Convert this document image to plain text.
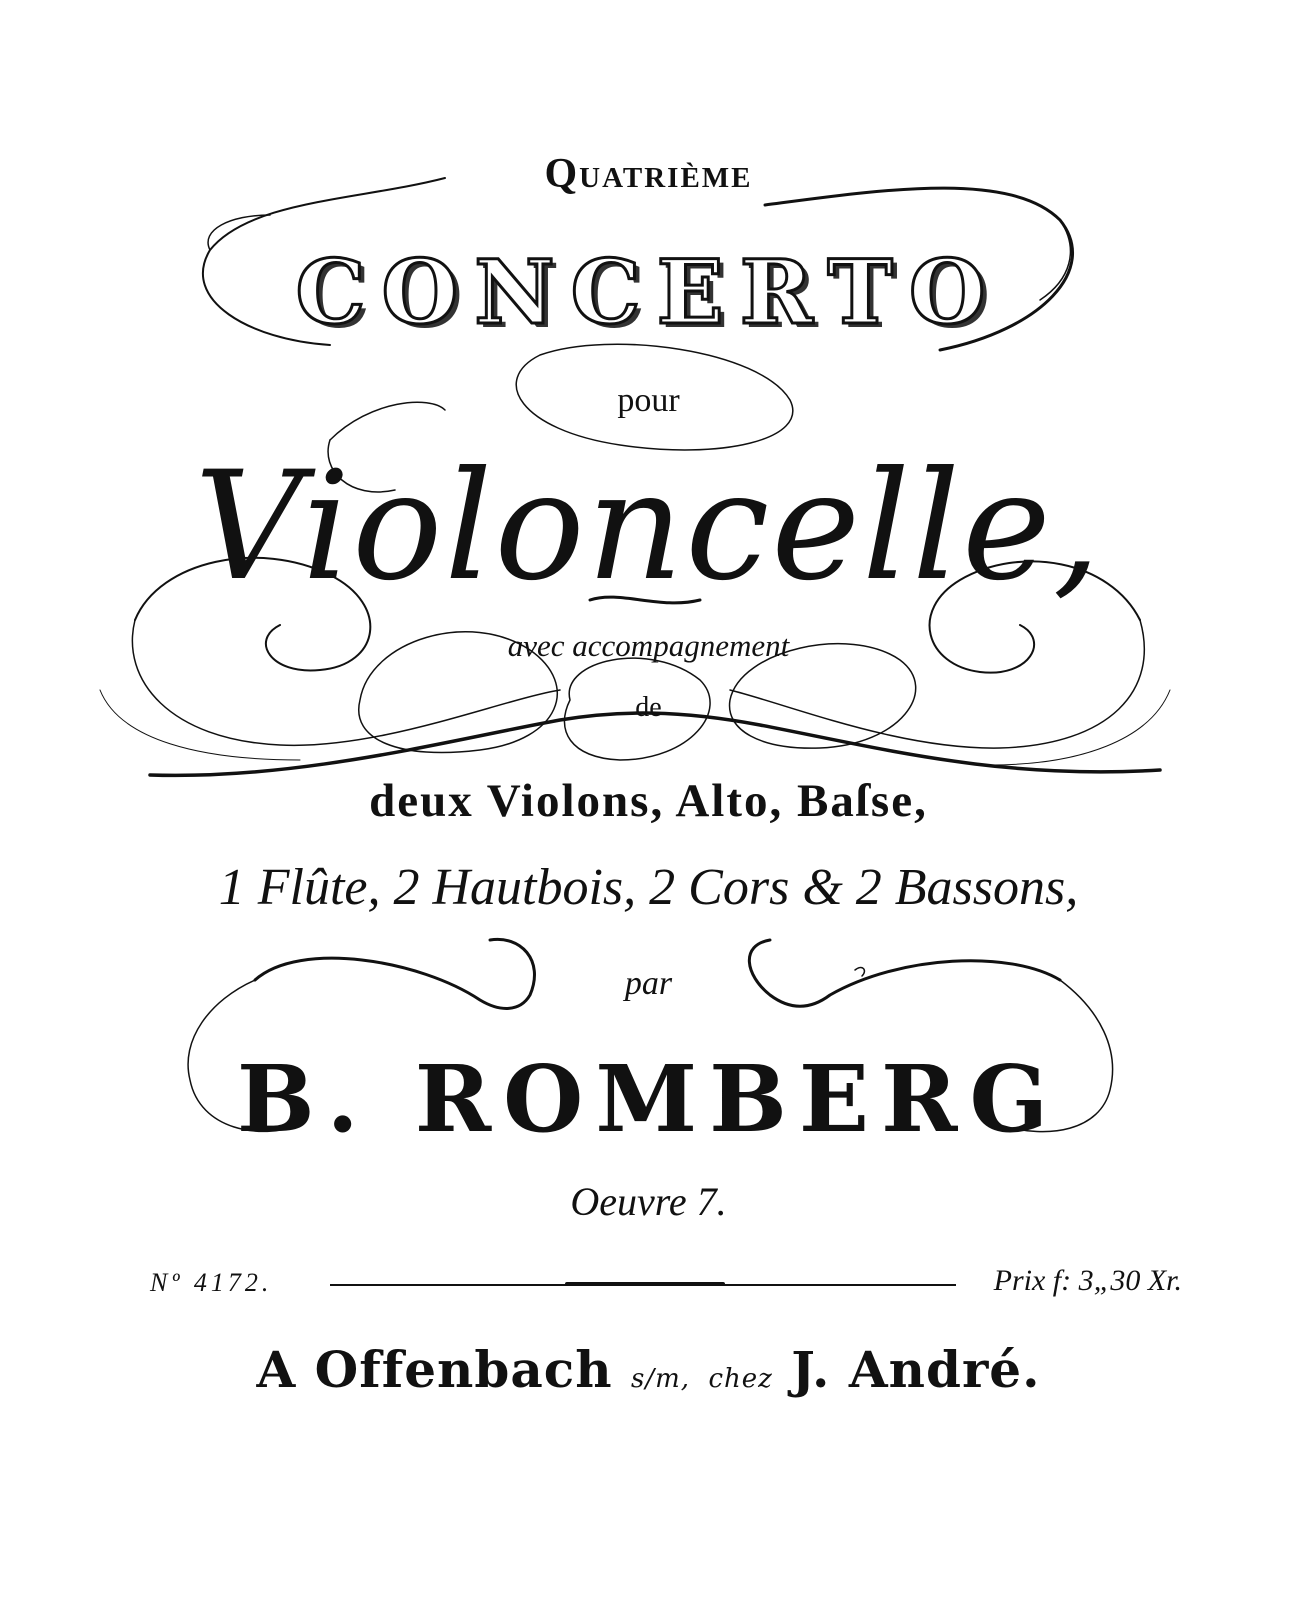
Quatrième
CONCERTO
pour
Violoncelle,
avec accompagnement
de
deux Violons, Alto, Baſse,
1 Flûte, 2 Hautbois, 2 Cors & 2 Bassons,
par
B. ROMBERG
Oeuvre 7.
Nº 4172.	Prix f: 3„30 Xr.
A Offenbach s/m, chez J. André.
